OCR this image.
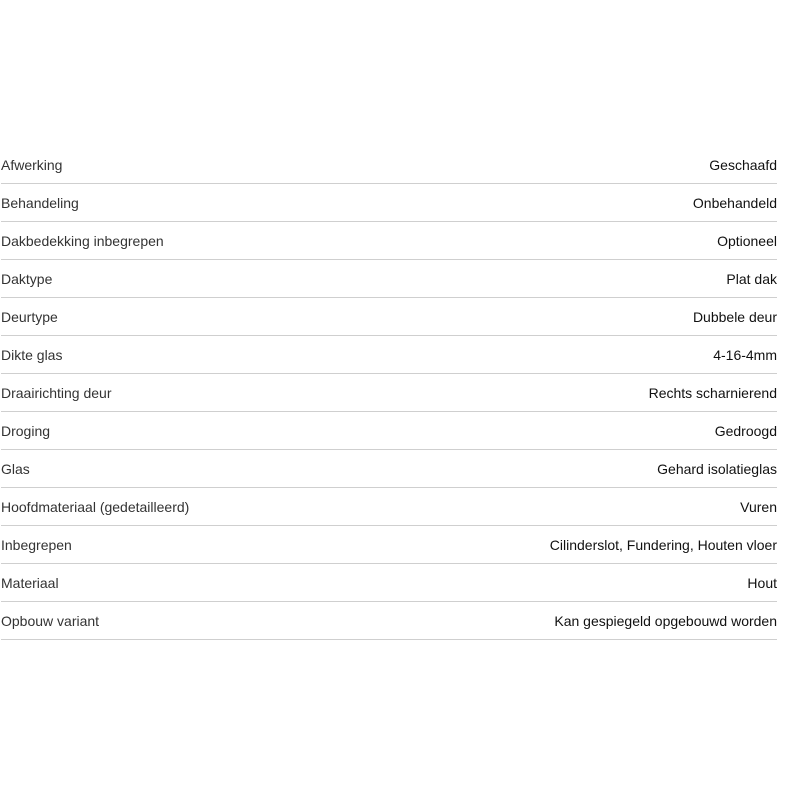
Afwerking	Geschaafd
Behandeling	Onbehandeld
Dakbedekking inbegrepen	Optioneel
Daktype	Plat dak
Deurtype	Dubbele deur
Dikte glas	4-16-4mm
Draairichting deur	Rechts scharnierend
Droging	Gedroogd
Glas	Gehard isolatieglas
Hoofdmateriaal (gedetailleerd)	Vuren
Inbegrepen	Cilinderslot, Fundering, Houten vloer
Materiaal	Hout
Opbouw variant	Kan gespiegeld opgebouwd worden
